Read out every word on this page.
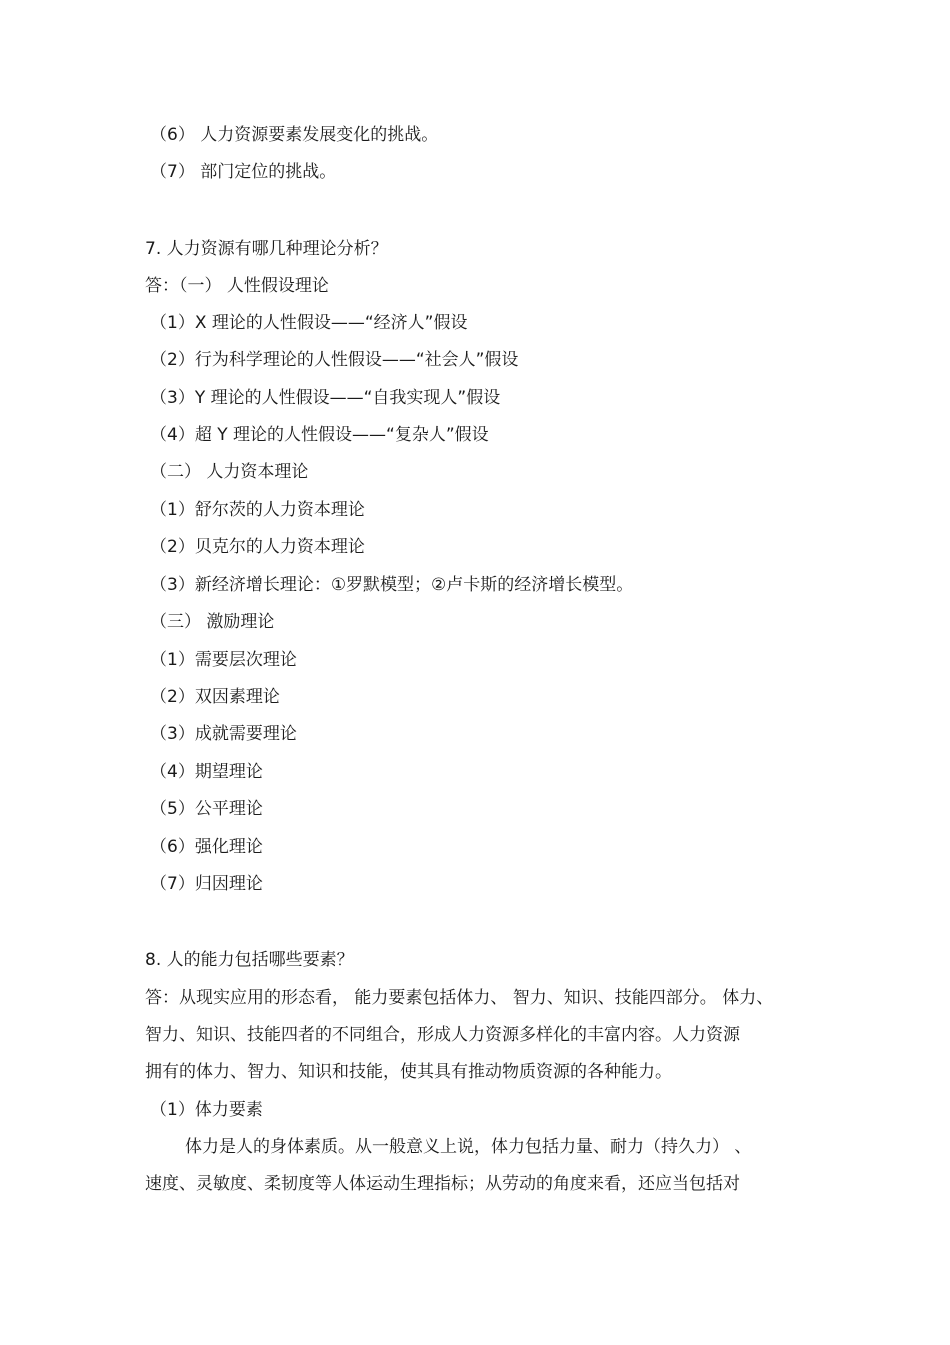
（6） 人力资源要素发展变化的挑战。
（7） 部门定位的挑战。
7. 人力资源有哪几种理论分析？
答：（一） 人性假设理论
（1）X 理论的人性假设——“经济人”假设
（2）行为科学理论的人性假设——“社会人”假设
（3）Y 理论的人性假设——“自我实现人”假设
（4）超 Y 理论的人性假设——“复杂人”假设
（二） 人力资本理论
（1）舒尔茨的人力资本理论
（2）贝克尔的人力资本理论
（3）新经济增长理论：①罗默模型；②卢卡斯的经济增长模型。
（三） 激励理论
（1）需要层次理论
（2）双因素理论
（3）成就需要理论
（4）期望理论
（5）公平理论
（6）强化理论
（7）归因理论
8. 人的能力包括哪些要素？
答：从现实应用的形态看， 能力要素包括体力、 智力、知识、技能四部分。 体力、
智力、知识、技能四者的不同组合，形成人力资源多样化的丰富内容。人力资源
拥有的体力、智力、知识和技能，使其具有推动物质资源的各种能力。
（1）体力要素
体力是人的身体素质。从一般意义上说，体力包括力量、耐力（持久力） 、
速度、灵敏度、柔韧度等人体运动生理指标；从劳动的角度来看，还应当包括对
